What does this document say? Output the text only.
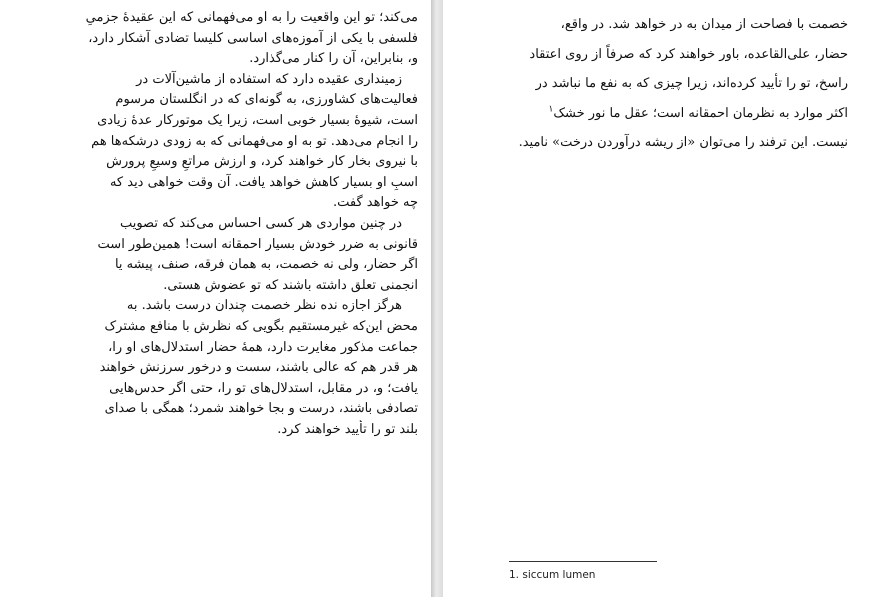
می‌کند؛ تو این واقعیت را به او می‌فهمانی که این عقیدهٔ جزمیِ
فلسفی با یکی از آموزه‌های اساسی کلیسا تضادی آشکار دارد،
و، بنابراین، آن را کنار می‌گذارد.

زمینداری عقیده دارد که استفاده از ماشین‌آلات در
فعالیت‌های کشاورزی، به گونه‌ای که در انگلستان مرسوم
است، شیوهٔ بسیار خوبی است، زیرا یک موتورکار عدهٔ زیادی
را انجام می‌دهد. تو به او می‌فهمانی که به زودی درشکه‌ها هم
با نیروی بخار کار خواهند کرد، و ارزش مراتعِ وسیعِ پرورش
اسبِ او بسیار کاهش خواهد یافت. آن وقت خواهی دید که
چه خواهد گفت.

در چنین مواردی هر کسی احساس می‌کند که تصویب
قانونی به ضرر خودش بسیار احمقانه است! همین‌طور است
اگر حضار، ولی نه خصمت، به همان فرقه، صنف، پیشه یا
انجمنی تعلق داشته باشند که تو عضوش هستی.

هرگز اجازه نده نظر خصمت چندان درست باشد. به
محض این‌که غیرمستقیم بگویی که نظرش با منافع مشترک
جماعت مذکور مغایرت دارد، همهٔ حضار استدلال‌های او را،
هر قدر هم که عالی باشند، سست و درخور سرزنش خواهند
یافت؛ و، در مقابل، استدلال‌های تو را، حتی اگر حدس‌هایی
تصادفی باشند، درست و بجا خواهند شمرد؛ همگی با صدای
بلند تو را تأیید خواهند کرد.

خصمت با فصاحت از میدان به در خواهد شد. در واقع،
حضار، علی‌القاعده، باور خواهند کرد که صرفاً از روی اعتقاد
راسخ، تو را تأیید کرده‌اند، زیرا چیزی که به نفع ما نباشد در
اکثر موارد به نظرمان احمقانه است؛ عقل ما نور خشک$^۱$
نیست. این ترفند را می‌توان «از ریشه درآوردن درخت» نامید.

1. siccum lumen
